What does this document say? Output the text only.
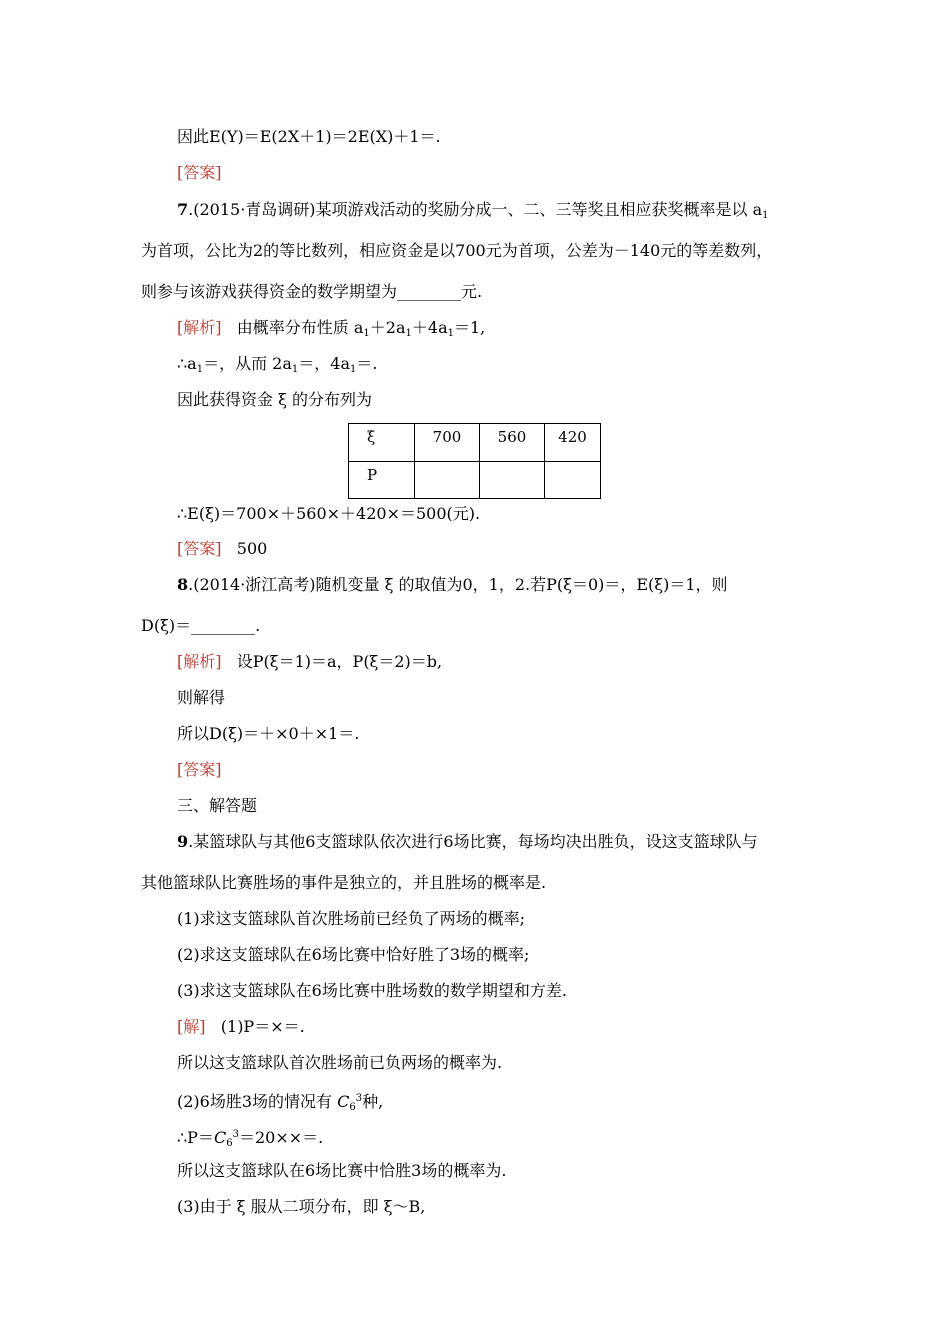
因此E(Y)＝E(2X＋1)＝2E(X)＋1＝.
[答案]
7.(2015·青岛调研)某项游戏活动的奖励分成一、二、三等奖且相应获奖概率是以 $a_1$
为首项，公比为2的等比数列，相应资金是以700元为首项，公差为－140元的等差数列，
则参与该游戏获得资金的数学期望为________元.
[解析] 由概率分布性质 $a_1+2a_1+4a_1=1$,
$\therefore a_1=$，从而 $2a_1=$，$4a_1=$.
因此获得资金 ξ 的分布列为
ξ	700	560	420
P			
∴E(ξ)＝700×＋560×＋420×＝500(元).
[答案] 500
8.(2014·浙江高考)随机变量 ξ 的取值为0，1，2.若P(ξ＝0)＝，E(ξ)＝1，则
D(ξ)＝________.
[解析] 设P(ξ＝1)＝a，P(ξ＝2)＝b,
则解得
所以D(ξ)＝＋×0＋×1＝.
[答案]
三、解答题
9.某篮球队与其他6支篮球队依次进行6场比赛，每场均决出胜负，设这支篮球队与
其他篮球队比赛胜场的事件是独立的，并且胜场的概率是.
(1)求这支篮球队首次胜场前已经负了两场的概率;
(2)求这支篮球队在6场比赛中恰好胜了3场的概率;
(3)求这支篮球队在6场比赛中胜场数的数学期望和方差.
[解] (1)P＝×＝.
所以这支篮球队首次胜场前已负两场的概率为.
(2)6场胜3场的情况有 $C_6^3$种,
$\therefore P=C_6^3=20\times\times=$.
所以这支篮球队在6场比赛中恰胜3场的概率为.
(3)由于 ξ 服从二项分布，即 ξ～B,
